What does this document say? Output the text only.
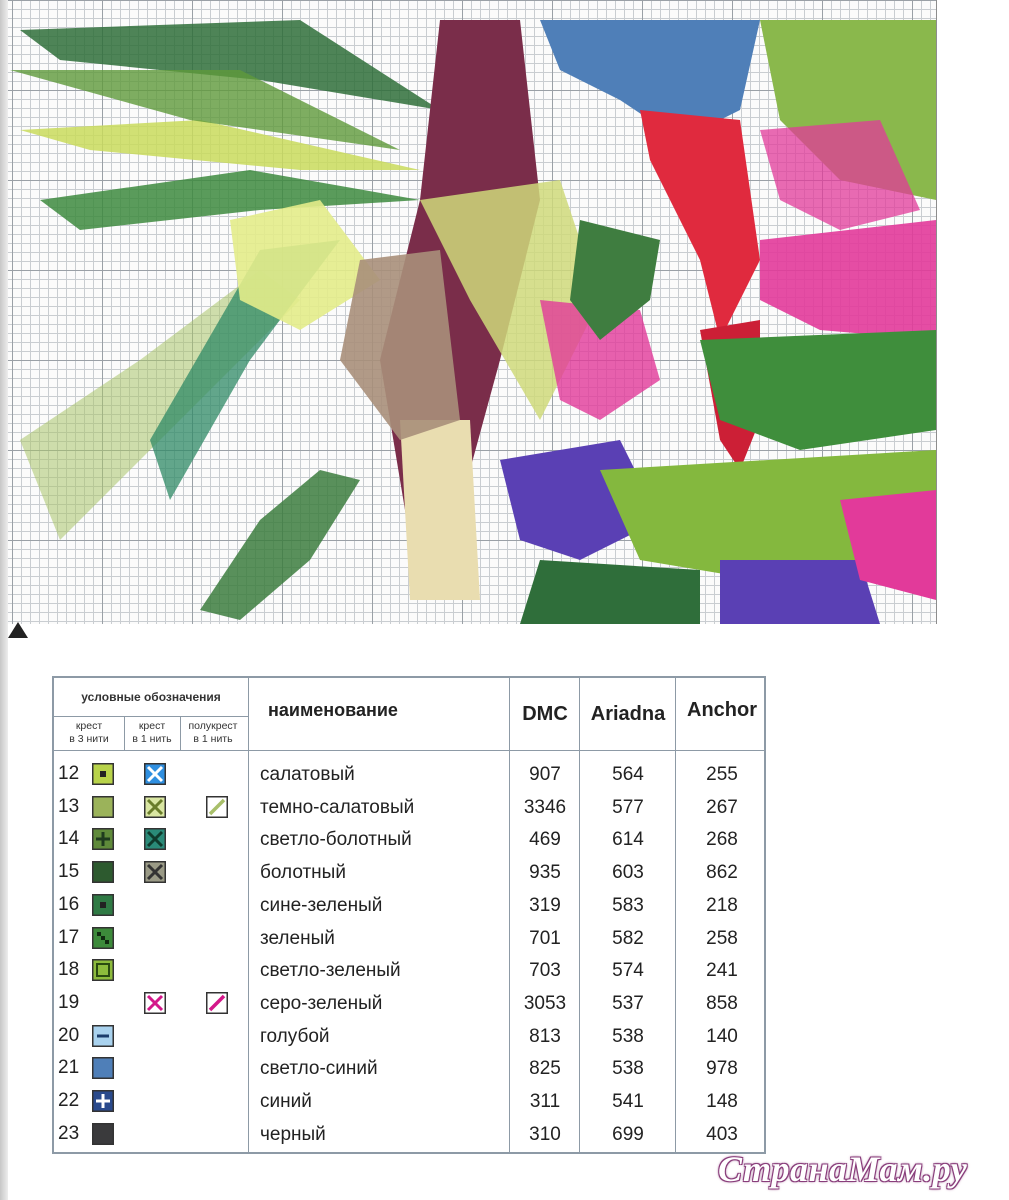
условные обозначения
крест
в 3 нити
крест
в 1 нить
полукрест
в 1 нить
наименование	DMC	Ariadna	Anchor
12	салатовый	907	564	255
13	темно-салатовый	3346	577	267
14	светло-болотный	469	614	268
15	болотный	935	603	862
16	сине-зеленый	319	583	218
17	зеленый	701	582	258
18	светло-зеленый	703	574	241
19	серо-зеленый	3053	537	858
20	голубой	813	538	140
21	светло-синий	825	538	978
22	синий	311	541	148
23	черный	310	699	403
СтранаМам.ру
